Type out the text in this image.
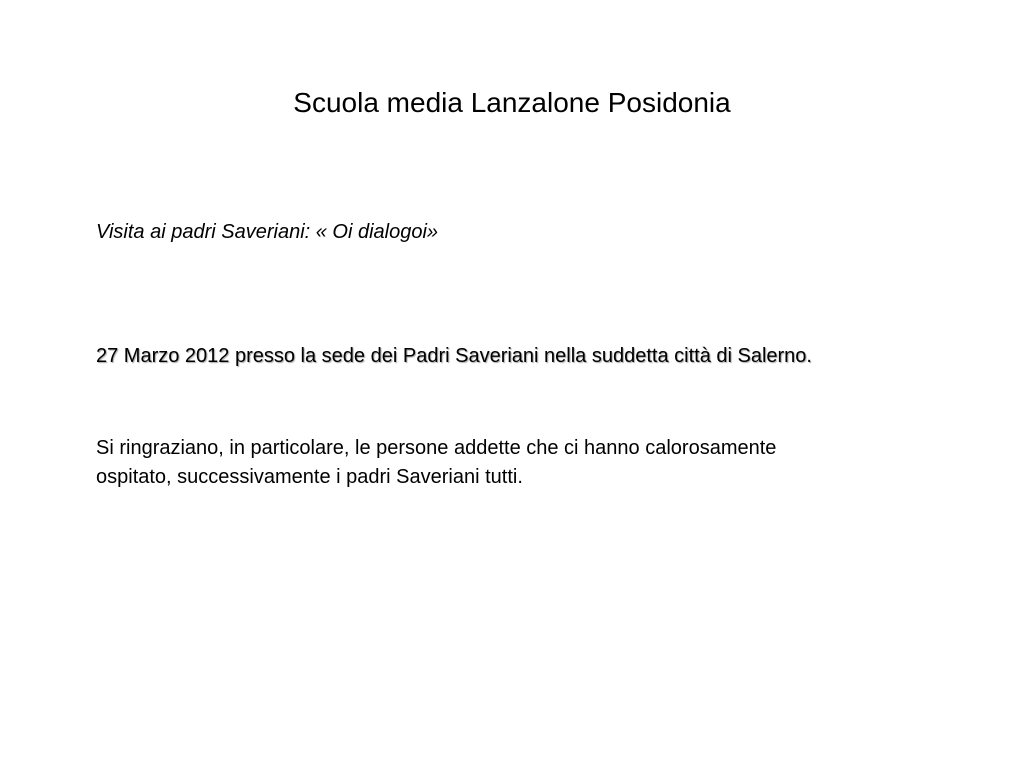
Scuola media Lanzalone Posidonia
Visita ai padri Saveriani: « Oi dialogoi»
27 Marzo 2012 presso la sede dei Padri Saveriani nella suddetta città di Salerno.
Si ringraziano, in particolare, le persone addette che ci hanno calorosamente
ospitato, successivamente i padri Saveriani tutti.
